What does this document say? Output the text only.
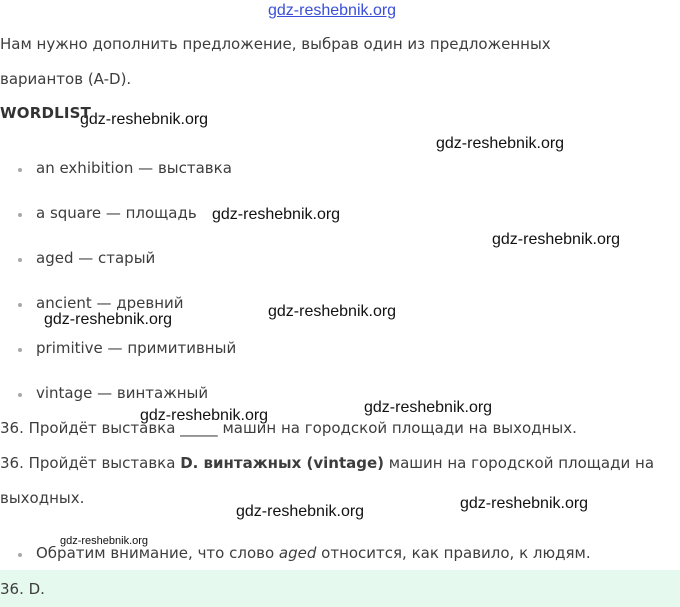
gdz-reshebnik.org
gdz-reshebnik.org
gdz-reshebnik.org
gdz-reshebnik.org
gdz-reshebnik.org
gdz-reshebnik.org
gdz-reshebnik.org
gdz-reshebnik.org
gdz-reshebnik.org
gdz-reshebnik.org
gdz-reshebnik.org
gdz-reshebnik.org
Нам нужно дополнить предложение, выбрав один из предложенных
вариантов (A-D).
WORDLIST
an exhibition — выставка
a square — площадь
aged — старый
ancient — древний
primitive — примитивный
vintage — винтажный
36. Пройдёт выставка _____ машин на городской площади на выходных.
36. Пройдёт выставка D. винтажных (vintage) машин на городской площади на
выходных.
Обратим внимание, что слово aged относится, как правило, к людям.
36. D.
